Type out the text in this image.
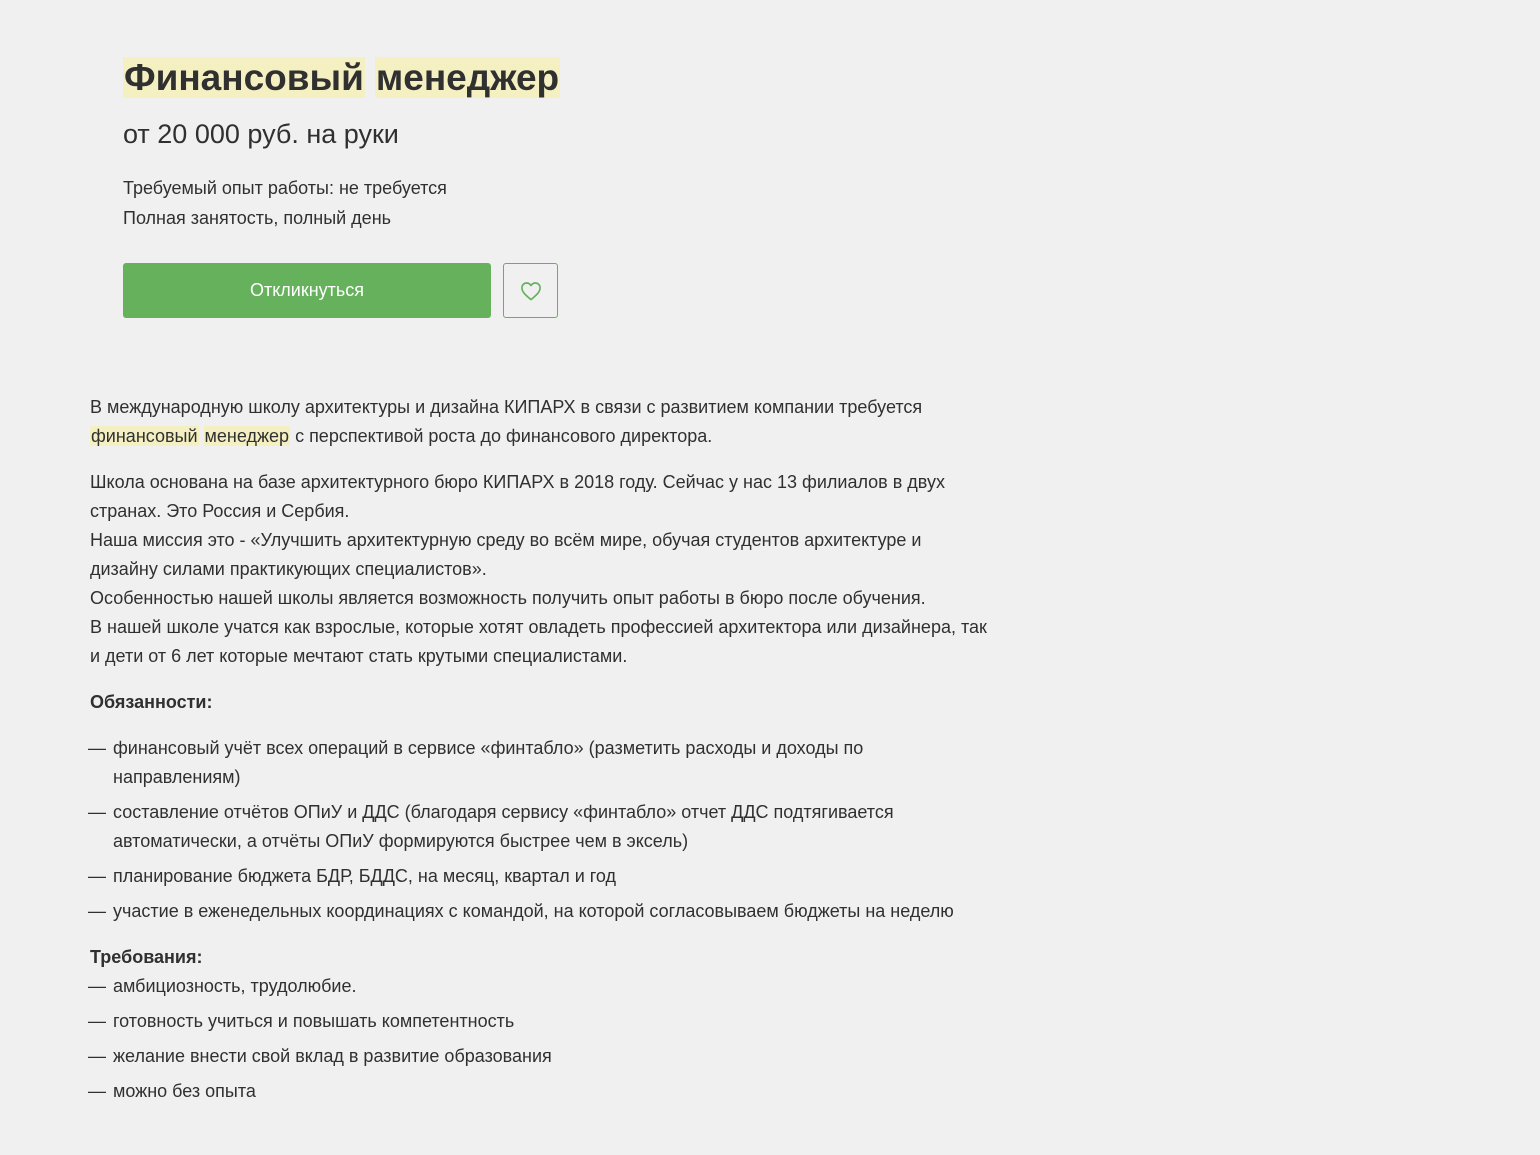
Финансовый менеджер

от 20 000 руб. на руки

Требуемый опыт работы: не требуется
Полная занятость, полный день
Откликнуться

В международную школу архитектуры и дизайна КИПАРХ в связи с развитием компании требуется финансовый менеджер с перспективой роста до финансового директора.

Школа основана на базе архитектурного бюро КИПАРХ в 2018 году. Сейчас у нас 13 филиалов в двух странах. Это Россия и Сербия.

Наша миссия это - «Улучшить архитектурную среду во всём мире, обучая студентов архитектуре и дизайну силами практикующих специалистов».

Особенностью нашей школы является возможность получить опыт работы в бюро после обучения.

В нашей школе учатся как взрослые, которые хотят овладеть профессией архитектора или дизайнера, так и дети от 6 лет которые мечтают стать крутыми специалистами.

Обязанности:

— финансовый учёт всех операций в сервисе «финтабло» (разметить расходы и доходы по направлениям)
— составление отчётов ОПиУ и ДДС (благодаря сервису «финтабло» отчет ДДС подтягивается автоматически, а отчёты ОПиУ формируются быстрее чем в эксель)
— планирование бюджета БДР, БДДС, на месяц, квартал и год
— участие в еженедельных координациях с командой, на которой согласовываем бюджеты на неделю

Требования:

— амбициозность, трудолюбие.
— готовность учиться и повышать компетентность
— желание внести свой вклад в развитие образования
— можно без опыта
